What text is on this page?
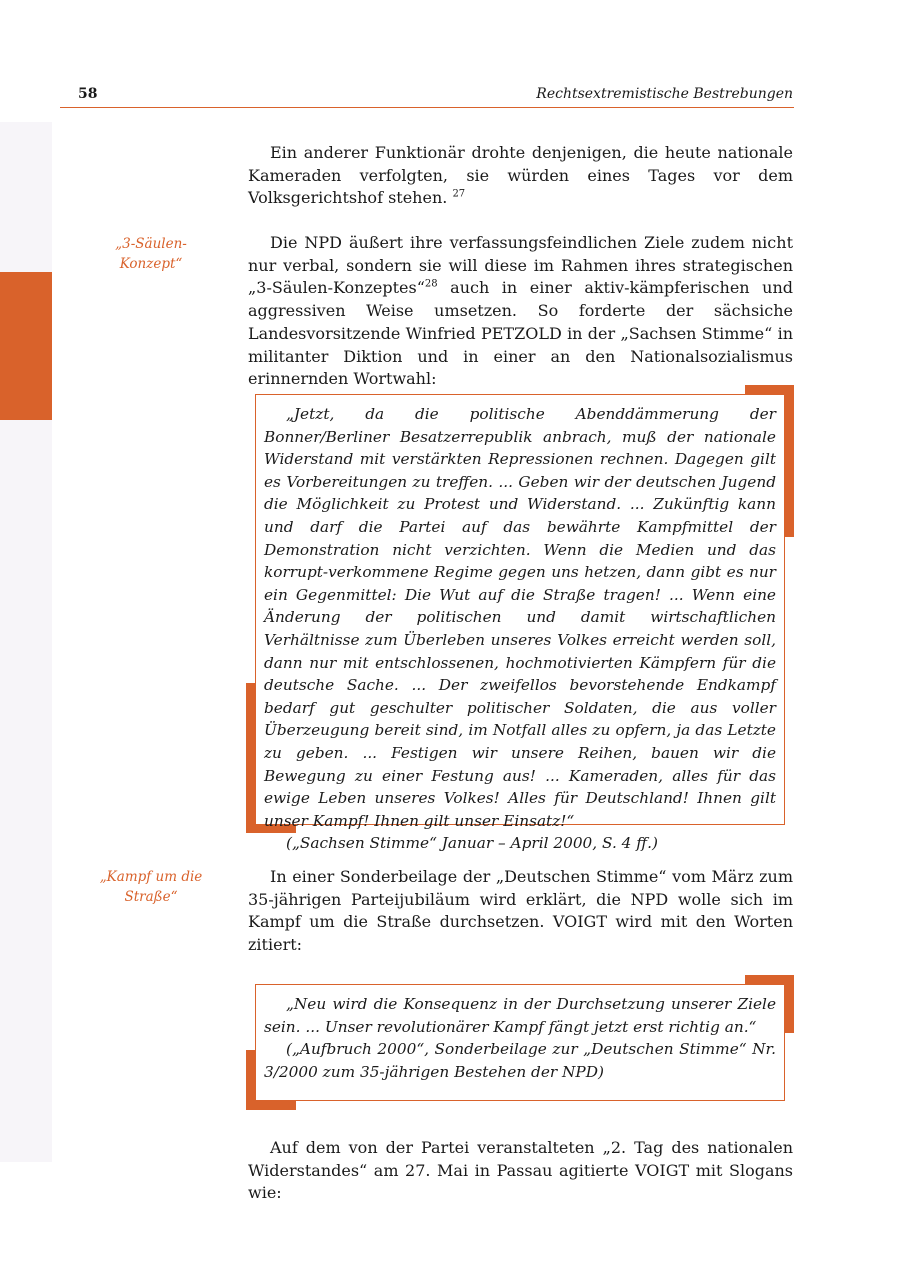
58	Rechtsextremistische Bestrebungen

Ein anderer Funktionär drohte denjenigen, die heute nationale Kameraden verfolgten, sie würden eines Tages vor dem Volksgerichtshof stehen. $^{27}$

„3-Säulen-Konzept“

Die NPD äußert ihre verfassungsfeindlichen Ziele zudem nicht nur verbal, sondern sie will diese im Rahmen ihres strategischen „3-Säulen-Konzeptes“$^{28}$ auch in einer aktiv-kämpferischen und aggressiven Weise umsetzen. So forderte der sächsiche Landesvorsitzende Winfried PETZOLD in der „Sachsen Stimme“ in militanter Diktion und in einer an den Nationalsozialismus erinnernden Wortwahl:

„Jetzt, da die politische Abenddämmerung der Bonner/Berliner Besatzerrepublik anbrach, muß der nationale Widerstand mit verstärkten Repressionen rechnen. Dagegen gilt es Vorbereitungen zu treffen. ... Geben wir der deutschen Jugend die Möglichkeit zu Protest und Widerstand. ... Zukünftig kann und darf die Partei auf das bewährte Kampfmittel der Demonstration nicht verzichten. Wenn die Medien und das korrupt-verkommene Regime gegen uns hetzen, dann gibt es nur ein Gegenmittel: Die Wut auf die Straße tragen! ... Wenn eine Änderung der politischen und damit wirtschaftlichen Verhältnisse zum Überleben unseres Volkes erreicht werden soll, dann nur mit entschlossenen, hochmotivierten Kämpfern für die deutsche Sache. ... Der zweifellos bevorstehende Endkampf bedarf gut geschulter politischer Soldaten, die aus voller Überzeugung bereit sind, im Notfall alles zu opfern, ja das Letzte zu geben. ... Festigen wir unsere Reihen, bauen wir die Bewegung zu einer Festung aus! ... Kameraden, alles für das ewige Leben unseres Volkes! Alles für Deutschland! Ihnen gilt unser Kampf! Ihnen gilt unser Einsatz!“

(„Sachsen Stimme“ Januar – April 2000, S. 4 ff.)

„Kampf um die
Straße“

In einer Sonderbeilage der „Deutschen Stimme“ vom März zum 35-jährigen Parteijubiläum wird erklärt, die NPD wolle sich im Kampf um die Straße durchsetzen. VOIGT wird mit den Worten zitiert:

„Neu wird die Konsequenz in der Durchsetzung unserer Ziele sein. ... Unser revolutionärer Kampf fängt jetzt erst richtig an.“

(„Aufbruch 2000“, Sonderbeilage zur „Deutschen Stimme“ Nr. 3/2000 zum 35-jährigen Bestehen der NPD)

Auf dem von der Partei veranstalteten „2. Tag des nationalen Widerstandes“ am 27. Mai in Passau agitierte VOIGT mit Slogans wie:
